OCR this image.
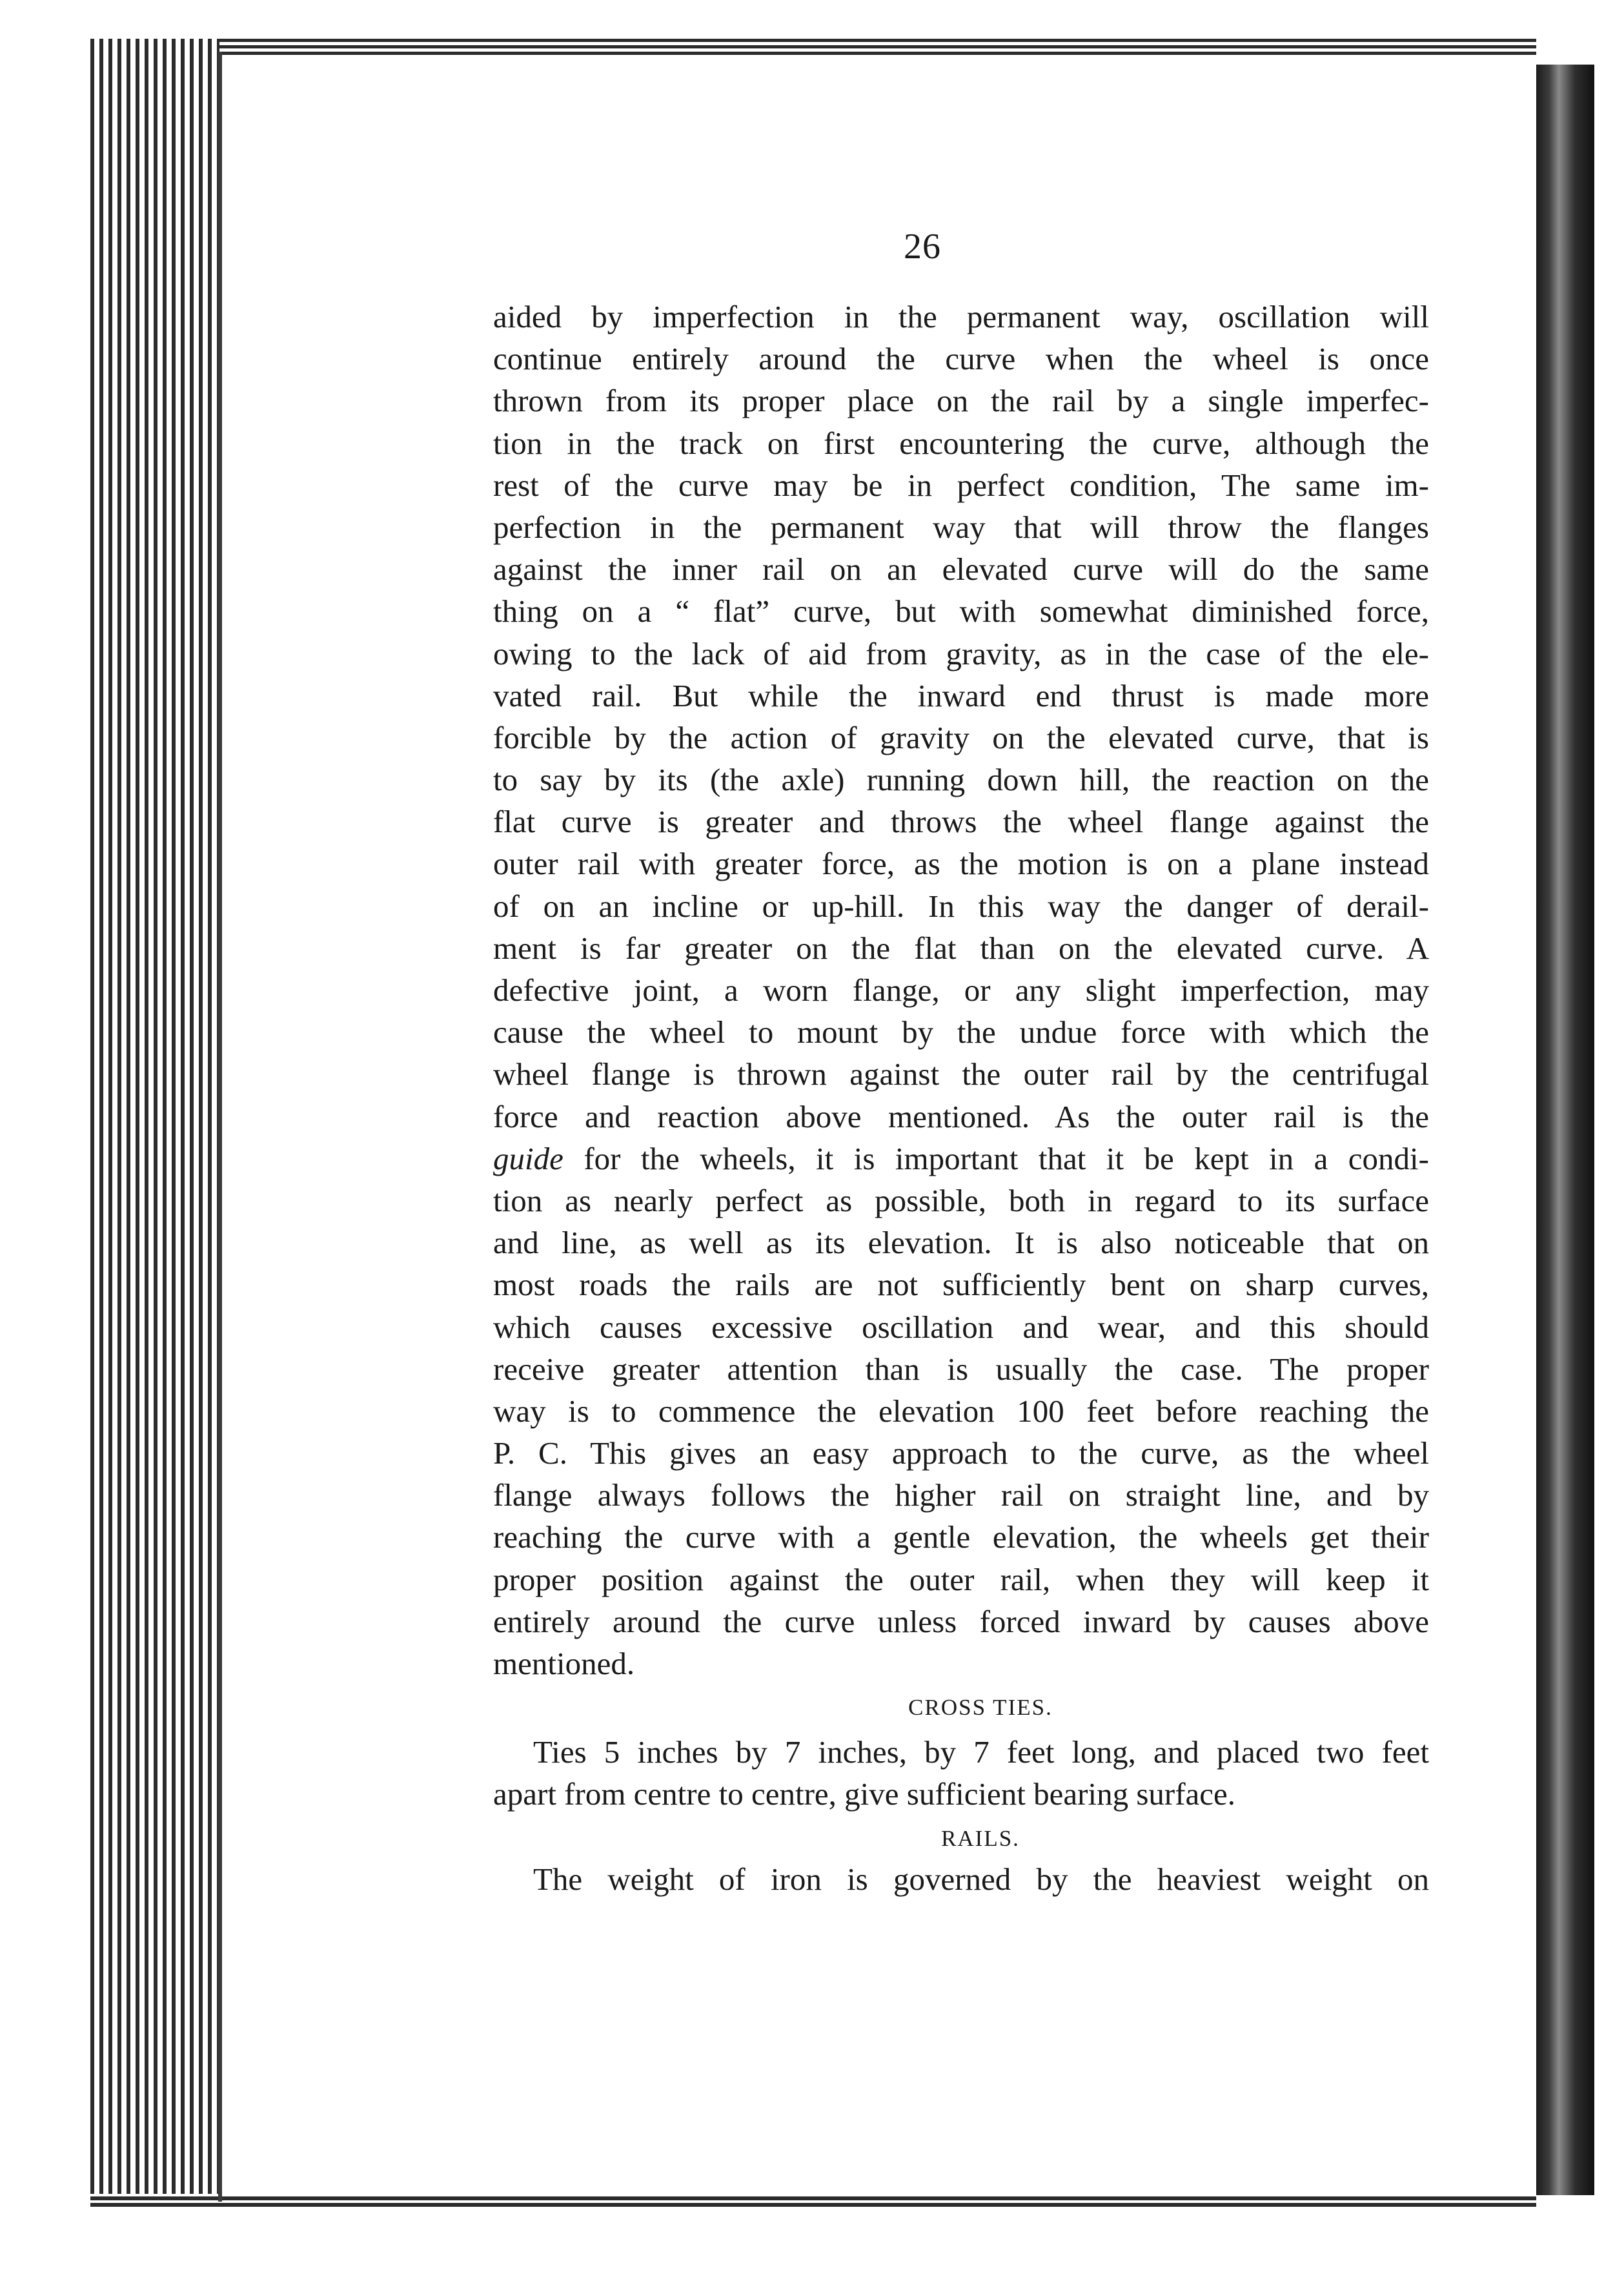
26
aided by imperfection in the permanent way, oscillation will
continue entirely around the curve when the wheel is once
thrown from its proper place on the rail by a single imperfec-
tion in the track on first encountering the curve, although the
rest of the curve may be in perfect condition, The same im-
perfection in the permanent way that will throw the flanges
against the inner rail on an elevated curve will do the same
thing on a “ flat” curve, but with somewhat diminished force,
owing to the lack of aid from gravity, as in the case of the ele-
vated rail. But while the inward end thrust is made more
forcible by the action of gravity on the elevated curve, that is
to say by its (the axle) running down hill, the reaction on the
flat curve is greater and throws the wheel flange against the
outer rail with greater force, as the motion is on a plane instead
of on an incline or up-hill. In this way the danger of derail-
ment is far greater on the flat than on the elevated curve. A
defective joint, a worn flange, or any slight imperfection, may
cause the wheel to mount by the undue force with which the
wheel flange is thrown against the outer rail by the centrifugal
force and reaction above mentioned. As the outer rail is the
guide for the wheels, it is important that it be kept in a condi-
tion as nearly perfect as possible, both in regard to its surface
and line, as well as its elevation. It is also noticeable that on
most roads the rails are not sufficiently bent on sharp curves,
which causes excessive oscillation and wear, and this should
receive greater attention than is usually the case. The proper
way is to commence the elevation 100 feet before reaching the
P. C. This gives an easy approach to the curve, as the wheel
flange always follows the higher rail on straight line, and by
reaching the curve with a gentle elevation, the wheels get their
proper position against the outer rail, when they will keep it
entirely around the curve unless forced inward by causes above
mentioned.
CROSS TIES.
Ties 5 inches by 7 inches, by 7 feet long, and placed two feet
apart from centre to centre, give sufficient bearing surface.
RAILS.
The weight of iron is governed by the heaviest weight on
